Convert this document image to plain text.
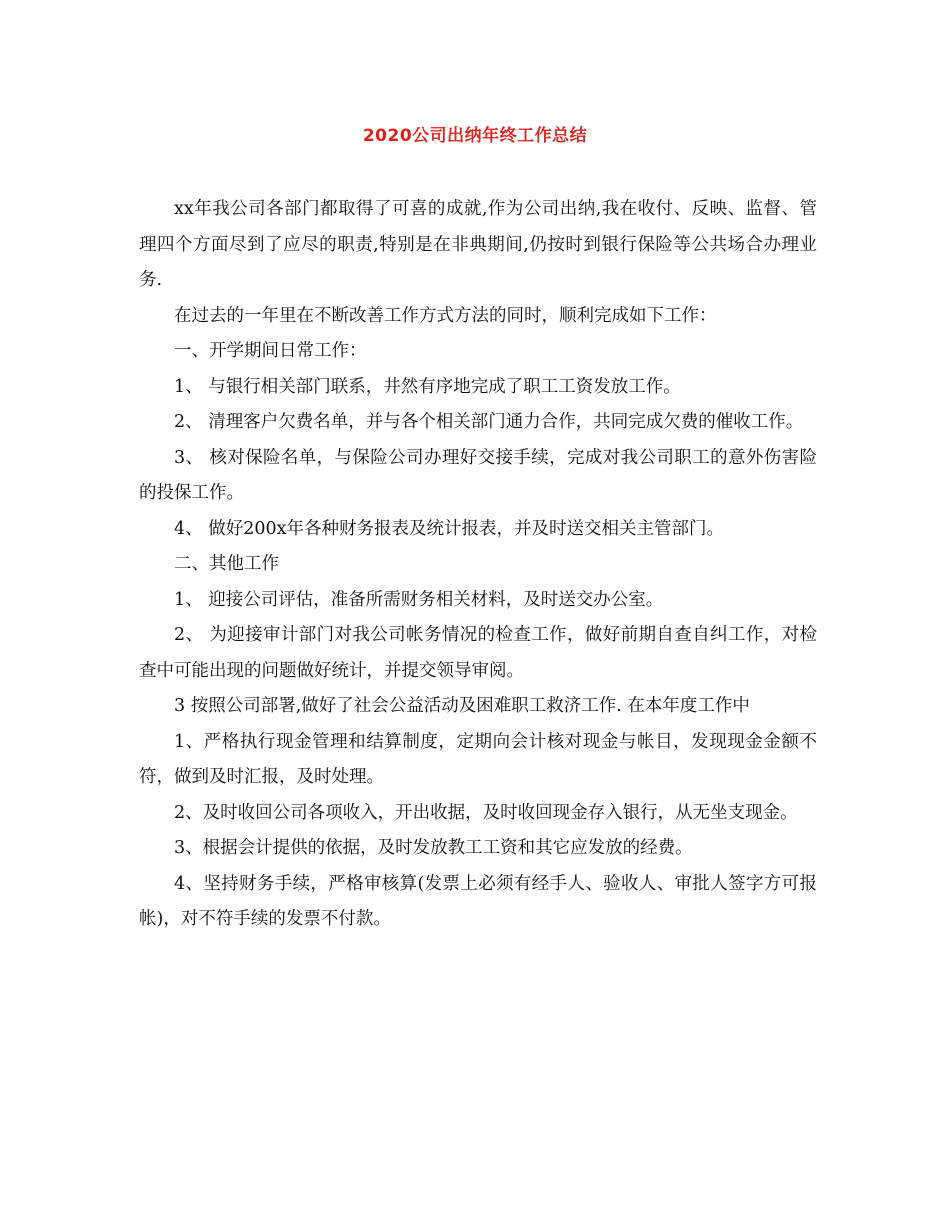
2020公司出纳年终工作总结

xx年我公司各部门都取得了可喜的成就,作为公司出纳,我在收付、反映、监督、管理四个方面尽到了应尽的职责,特别是在非典期间,仍按时到银行保险等公共场合办理业务.

在过去的一年里在不断改善工作方式方法的同时，顺利完成如下工作：

一、开学期间日常工作：

1、 与银行相关部门联系，井然有序地完成了职工工资发放工作。

2、 清理客户欠费名单，并与各个相关部门通力合作，共同完成欠费的催收工作。

3、 核对保险名单，与保险公司办理好交接手续，完成对我公司职工的意外伤害险的投保工作。

4、 做好200x年各种财务报表及统计报表，并及时送交相关主管部门。

二、其他工作

1、 迎接公司评估，准备所需财务相关材料，及时送交办公室。

2、 为迎接审计部门对我公司帐务情况的检查工作，做好前期自查自纠工作，对检查中可能出现的问题做好统计，并提交领导审阅。

3 按照公司部署,做好了社会公益活动及困难职工救济工作. 在本年度工作中

1、严格执行现金管理和结算制度，定期向会计核对现金与帐目，发现现金金额不符，做到及时汇报，及时处理。

2、及时收回公司各项收入，开出收据，及时收回现金存入银行，从无坐支现金。

3、根据会计提供的依据，及时发放教工工资和其它应发放的经费。

4、坚持财务手续，严格审核算(发票上必须有经手人、验收人、审批人签字方可报帐)，对不符手续的发票不付款。
